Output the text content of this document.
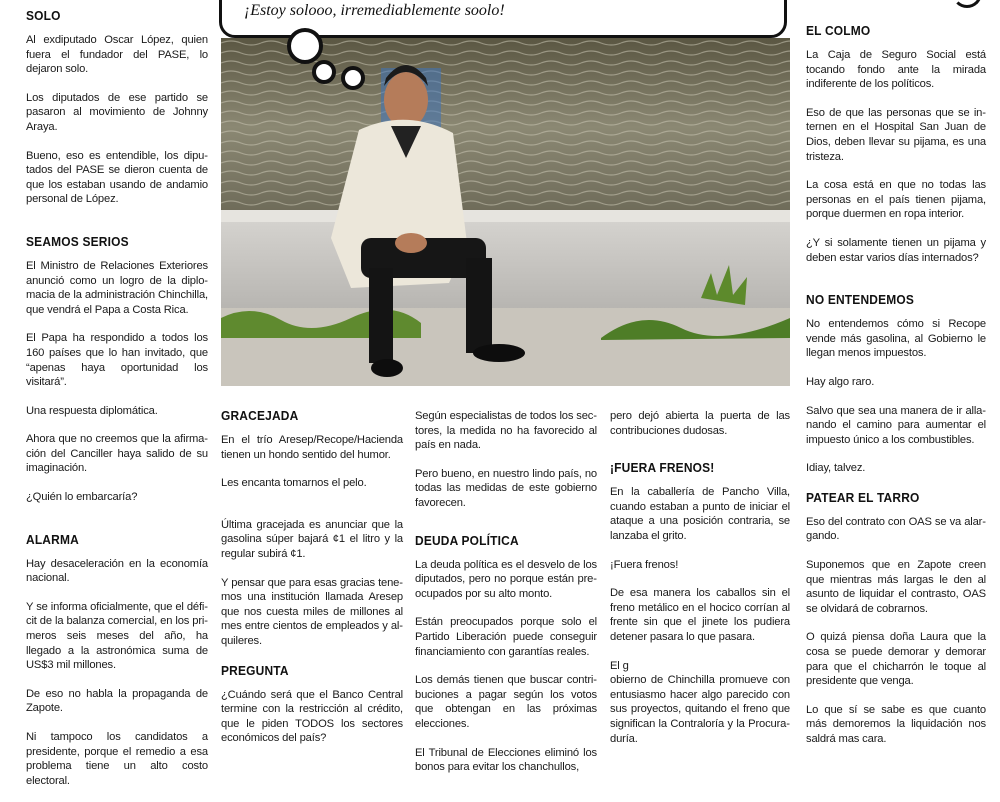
SOLO

Al exdiputado Oscar López, quien fuera el fundador del PASE, lo dejaron solo.

Los diputados de ese partido se pasaron al movimiento de Johnny Araya.

Bueno, eso es entendible, los diputados del PASE se dieron cuenta de que los estaban usando de andamio personal de López.

SEAMOS SERIOS

El Ministro de Relaciones Exteriores anunció como un logro de la diplomacia de la administración Chinchilla, que vendrá el Papa a Costa Rica.

El Papa ha respondido a todos los 160 países que lo han invitado, que “apenas haya oportunidad los visitará”.

Una respuesta diplomática.

Ahora que no creemos que la afirmación del Canciller haya salido de su imaginación.

¿Quién lo embarcaría?

ALARMA

Hay desaceleración en la economía nacional.

Y se informa oficialmente, que el déficit de la balanza comercial, en los primeros seis meses del año, ha llegado a la astronómica suma de US$3 mil millones.

De eso no habla la propaganda de Zapote.

Ni tampoco los candidatos a presidente, porque el remedio a esa problema tiene un alto costo electoral.

¡Estoy solooo, irremediablemente soolo!
GRACEJADA

En el trío Aresep/Recope/Hacienda tienen un hondo sentido del humor.

Les encanta tomarnos el pelo.

Última gracejada es anunciar que la gasolina súper bajará ¢1 el litro y la regular subirá ¢1.

Y pensar que para esas gracias tenemos una institución llamada Aresep que nos cuesta miles de millones al mes entre cientos de empleados y alquileres.

PREGUNTA

¿Cuándo será que el Banco Central termine con la restricción al crédito, que le piden TODOS los sectores económicos del país?

Según especialistas de todos los sectores, la medida no ha favorecido al país en nada.

Pero bueno, en nuestro lindo país, no todas las medidas de este gobierno favorecen.

DEUDA POLÍTICA

La deuda política es el desvelo de los diputados, pero no porque están preocupados por su alto monto.

Están preocupados porque solo el Partido Liberación puede conseguir financiamiento con garantías reales.

Los demás tienen que buscar contribuciones a pagar según los votos que obtengan en las próximas elecciones.

El Tribunal de Elecciones eliminó los bonos para evitar los chanchullos,

pero dejó abierta la puerta de las contribuciones dudosas.

¡FUERA FRENOS!

En la caballería de Pancho Villa, cuando estaban a punto de iniciar el ataque a una posición contraria, se lanzaba el grito.

¡Fuera frenos!

De esa manera los caballos sin el freno metálico en el hocico corrían al frente sin que el jinete los pudiera detener pasara lo que pasara.

El g

obierno de Chinchilla promueve con entusiasmo hacer algo parecido con sus proyectos, quitando el freno que significan la Contraloría y la Procuraduría.

EL COLMO

La Caja de Seguro Social está tocando fondo ante la mirada indiferente de los políticos.

Eso de que las personas que se internen en el Hospital San Juan de Dios, deben llevar su pijama, es una tristeza.

La cosa está en que no todas las personas en el país tienen pijama, porque duermen en ropa interior.

¿Y si solamente tienen un pijama y deben estar varios días internados?

NO ENTENDEMOS

No entendemos cómo si Recope vende más gasolina, al Gobierno le llegan menos impuestos.

Hay algo raro.

Salvo que sea una manera de ir allanando el camino para aumentar el impuesto único a los combustibles.

Idiay, talvez.

PATEAR EL TARRO

Eso del contrato con OAS se va alargando.

Suponemos que en Zapote creen que mientras más largas le den al asunto de liquidar el contrasto, OAS se olvidará de cobrarnos.

O quizá piensa doña Laura que la cosa se puede demorar y demorar para que el chicharrón le toque al presidente que venga.

Lo que sí se sabe es que cuanto más demoremos la liquidación nos saldrá mas cara.
